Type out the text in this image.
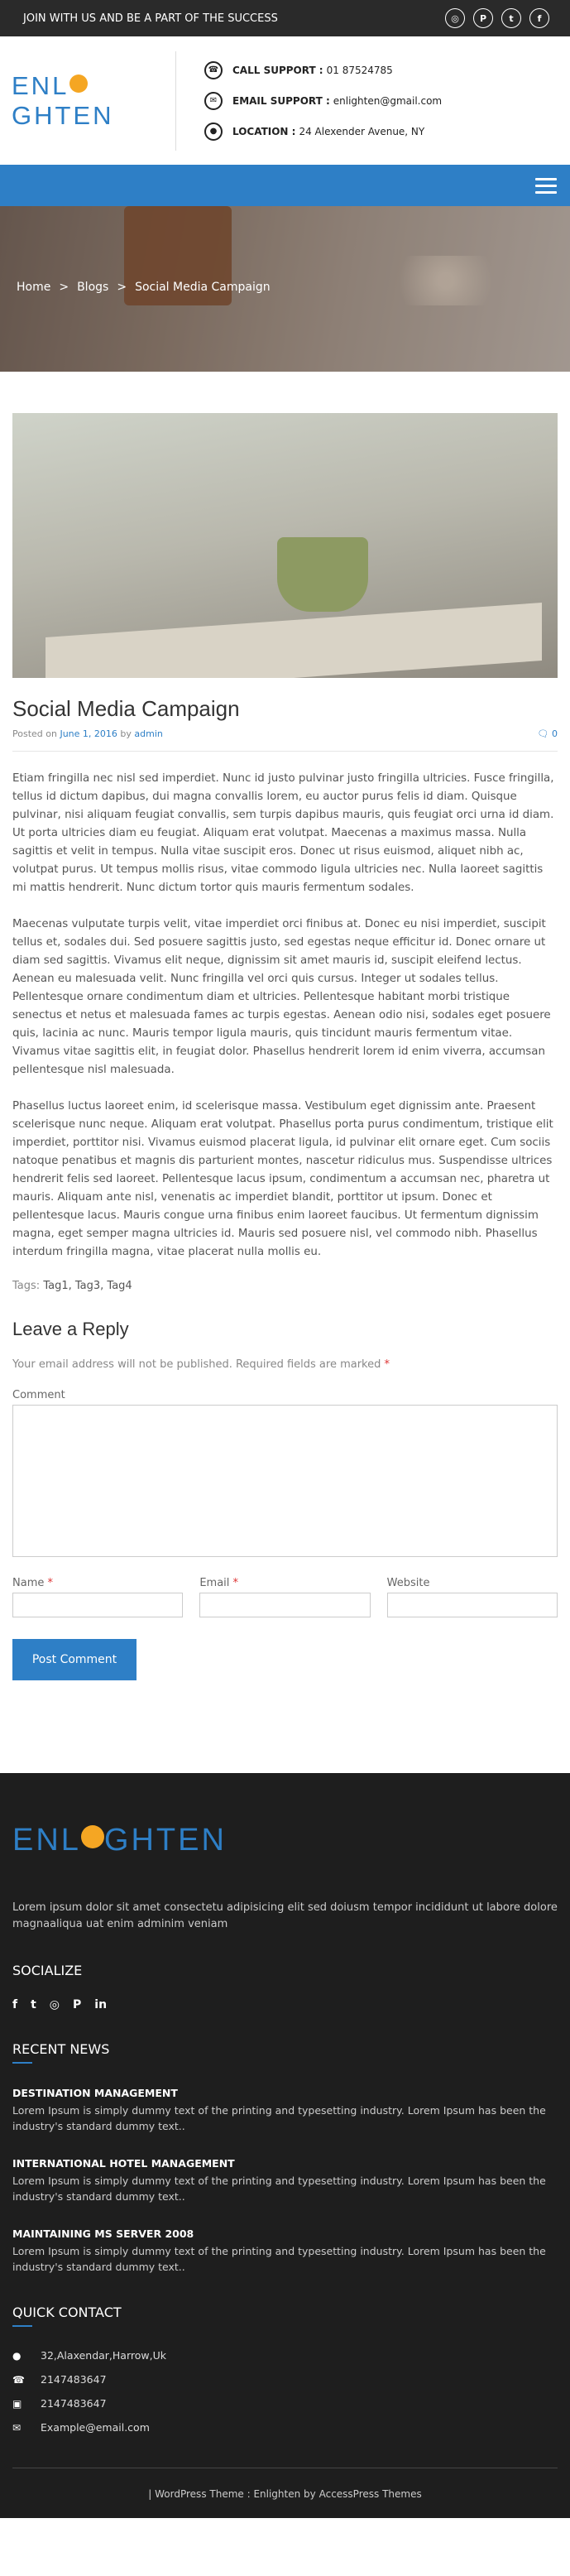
JOIN WITH US AND BE A PART OF THE SUCCESS	◎	P	t	f
ENLGHTEN
☎	CALL SUPPORT : 01 87524785
✉	EMAIL SUPPORT : enlighten@gmail.com
●	LOCATION : 24 Alexender Avenue, NY
Home > Blogs > Social Media Campaign
Social Media Campaign
Posted on June 1, 2016 by admin	🗨 0

Etiam fringilla nec nisl sed imperdiet. Nunc id justo pulvinar justo fringilla ultricies. Fusce fringilla, tellus id dictum dapibus, dui magna convallis lorem, eu auctor purus felis id diam. Quisque pulvinar, nisi aliquam feugiat convallis, sem turpis dapibus mauris, quis feugiat orci urna id diam. Ut porta ultricies diam eu feugiat. Aliquam erat volutpat. Maecenas a maximus massa. Nulla sagittis et velit in tempus. Nulla vitae suscipit eros. Donec ut risus euismod, aliquet nibh ac, volutpat purus. Ut tempus mollis risus, vitae commodo ligula ultricies nec. Nulla laoreet sagittis mi mattis hendrerit. Nunc dictum tortor quis mauris fermentum sodales.

Maecenas vulputate turpis velit, vitae imperdiet orci finibus at. Donec eu nisi imperdiet, suscipit tellus et, sodales dui. Sed posuere sagittis justo, sed egestas neque efficitur id. Donec ornare ut diam sed sagittis. Vivamus elit neque, dignissim sit amet mauris id, suscipit eleifend lectus. Aenean eu malesuada velit. Nunc fringilla vel orci quis cursus. Integer ut sodales tellus. Pellentesque ornare condimentum diam et ultricies. Pellentesque habitant morbi tristique senectus et netus et malesuada fames ac turpis egestas. Aenean odio nisi, sodales eget posuere quis, lacinia ac nunc. Mauris tempor ligula mauris, quis tincidunt mauris fermentum vitae. Vivamus vitae sagittis elit, in feugiat dolor. Phasellus hendrerit lorem id enim viverra, accumsan pellentesque nisl malesuada.

Phasellus luctus laoreet enim, id scelerisque massa. Vestibulum eget dignissim ante. Praesent scelerisque nunc neque. Aliquam erat volutpat. Phasellus porta purus condimentum, tristique elit imperdiet, porttitor nisi. Vivamus euismod placerat ligula, id pulvinar elit ornare eget. Cum sociis natoque penatibus et magnis dis parturient montes, nascetur ridiculus mus. Suspendisse ultrices hendrerit felis sed laoreet. Pellentesque lacus ipsum, condimentum a accumsan nec, pharetra ut mauris. Aliquam ante nisl, venenatis ac imperdiet blandit, porttitor ut ipsum. Donec et pellentesque lacus. Mauris congue urna finibus enim laoreet faucibus. Ut fermentum dignissim magna, eget semper magna ultricies id. Mauris sed posuere nisl, vel commodo nibh. Phasellus interdum fringilla magna, vitae placerat nulla mollis eu.

Tags: Tag1, Tag3, Tag4
Leave a Reply
Your email address will not be published. Required fields are marked *
Comment
Name *	Email *	Website
Post Comment
ENL GHTEN

Lorem ipsum dolor sit amet consectetu adipisicing elit sed doiusm tempor incididunt ut labore dolore magnaaliqua uat enim adminim veniam

SOCIALIZE
f t ◎ P in
RECENT NEWS
DESTINATION MANAGEMENT

Lorem Ipsum is simply dummy text of the printing and typesetting industry. Lorem Ipsum has been the industry's standard dummy text..

INTERNATIONAL HOTEL MANAGEMENT

Lorem Ipsum is simply dummy text of the printing and typesetting industry. Lorem Ipsum has been the industry's standard dummy text..

MAINTAINING MS SERVER 2008

Lorem Ipsum is simply dummy text of the printing and typesetting industry. Lorem Ipsum has been the industry's standard dummy text..

QUICK CONTACT
●	32,Alaxendar,Harrow,Uk
☎	2147483647
▣	2147483647
✉	Example@email.com
| WordPress Theme : Enlighten by AccessPress Themes
